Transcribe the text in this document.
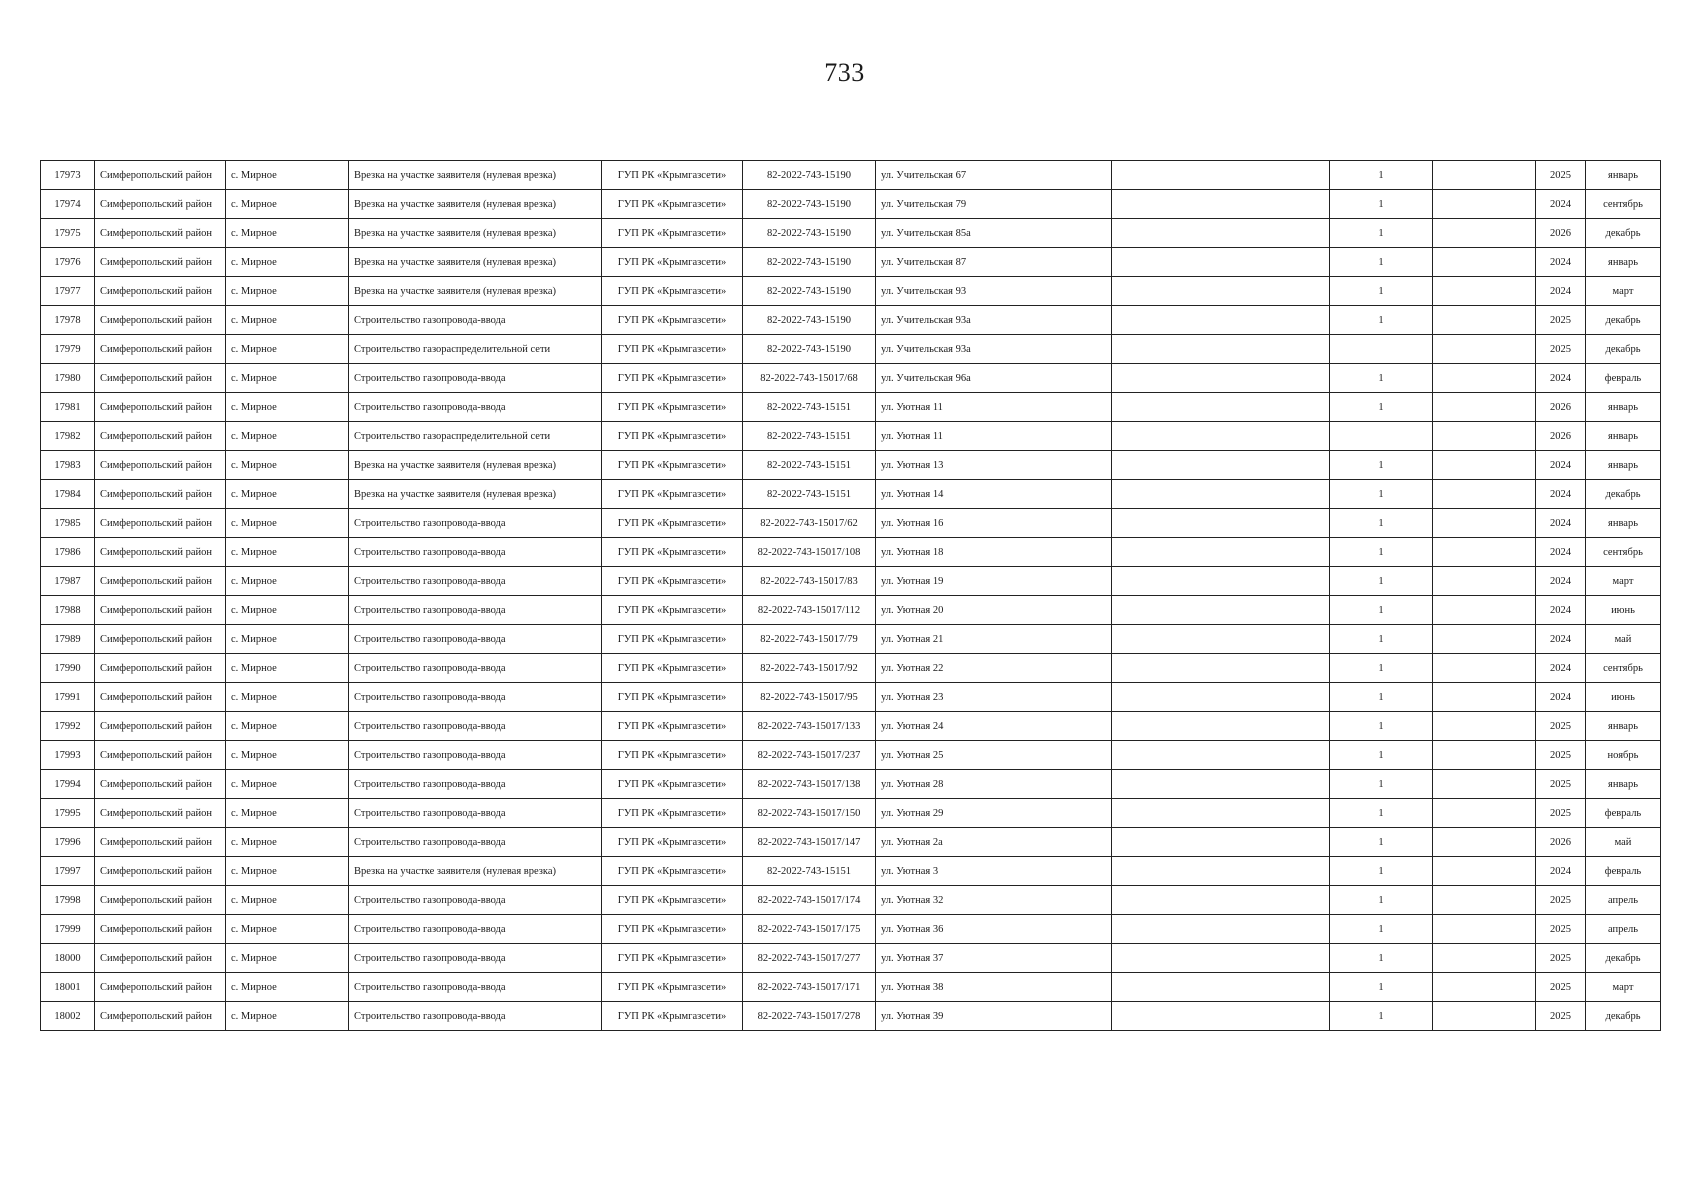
733
17973	Симферопольский район	с. Мирное	Врезка на участке заявителя (нулевая врезка)	ГУП РК «Крымгазсети»	82-2022-743-15190	ул. Учительская 67		1		2025	январь
17974	Симферопольский район	с. Мирное	Врезка на участке заявителя (нулевая врезка)	ГУП РК «Крымгазсети»	82-2022-743-15190	ул. Учительская 79		1		2024	сентябрь
17975	Симферопольский район	с. Мирное	Врезка на участке заявителя (нулевая врезка)	ГУП РК «Крымгазсети»	82-2022-743-15190	ул. Учительская 85а		1		2026	декабрь
17976	Симферопольский район	с. Мирное	Врезка на участке заявителя (нулевая врезка)	ГУП РК «Крымгазсети»	82-2022-743-15190	ул. Учительская 87		1		2024	январь
17977	Симферопольский район	с. Мирное	Врезка на участке заявителя (нулевая врезка)	ГУП РК «Крымгазсети»	82-2022-743-15190	ул. Учительская 93		1		2024	март
17978	Симферопольский район	с. Мирное	Строительство газопровода-ввода	ГУП РК «Крымгазсети»	82-2022-743-15190	ул. Учительская 93а		1		2025	декабрь
17979	Симферопольский район	с. Мирное	Строительство газораспределительной сети	ГУП РК «Крымгазсети»	82-2022-743-15190	ул. Учительская 93а				2025	декабрь
17980	Симферопольский район	с. Мирное	Строительство газопровода-ввода	ГУП РК «Крымгазсети»	82-2022-743-15017/68	ул. Учительская 96а		1		2024	февраль
17981	Симферопольский район	с. Мирное	Строительство газопровода-ввода	ГУП РК «Крымгазсети»	82-2022-743-15151	ул. Уютная 11		1		2026	январь
17982	Симферопольский район	с. Мирное	Строительство газораспределительной сети	ГУП РК «Крымгазсети»	82-2022-743-15151	ул. Уютная 11				2026	январь
17983	Симферопольский район	с. Мирное	Врезка на участке заявителя (нулевая врезка)	ГУП РК «Крымгазсети»	82-2022-743-15151	ул. Уютная 13		1		2024	январь
17984	Симферопольский район	с. Мирное	Врезка на участке заявителя (нулевая врезка)	ГУП РК «Крымгазсети»	82-2022-743-15151	ул. Уютная 14		1		2024	декабрь
17985	Симферопольский район	с. Мирное	Строительство газопровода-ввода	ГУП РК «Крымгазсети»	82-2022-743-15017/62	ул. Уютная 16		1		2024	январь
17986	Симферопольский район	с. Мирное	Строительство газопровода-ввода	ГУП РК «Крымгазсети»	82-2022-743-15017/108	ул. Уютная 18		1		2024	сентябрь
17987	Симферопольский район	с. Мирное	Строительство газопровода-ввода	ГУП РК «Крымгазсети»	82-2022-743-15017/83	ул. Уютная 19		1		2024	март
17988	Симферопольский район	с. Мирное	Строительство газопровода-ввода	ГУП РК «Крымгазсети»	82-2022-743-15017/112	ул. Уютная 20		1		2024	июнь
17989	Симферопольский район	с. Мирное	Строительство газопровода-ввода	ГУП РК «Крымгазсети»	82-2022-743-15017/79	ул. Уютная 21		1		2024	май
17990	Симферопольский район	с. Мирное	Строительство газопровода-ввода	ГУП РК «Крымгазсети»	82-2022-743-15017/92	ул. Уютная 22		1		2024	сентябрь
17991	Симферопольский район	с. Мирное	Строительство газопровода-ввода	ГУП РК «Крымгазсети»	82-2022-743-15017/95	ул. Уютная 23		1		2024	июнь
17992	Симферопольский район	с. Мирное	Строительство газопровода-ввода	ГУП РК «Крымгазсети»	82-2022-743-15017/133	ул. Уютная 24		1		2025	январь
17993	Симферопольский район	с. Мирное	Строительство газопровода-ввода	ГУП РК «Крымгазсети»	82-2022-743-15017/237	ул. Уютная 25		1		2025	ноябрь
17994	Симферопольский район	с. Мирное	Строительство газопровода-ввода	ГУП РК «Крымгазсети»	82-2022-743-15017/138	ул. Уютная 28		1		2025	январь
17995	Симферопольский район	с. Мирное	Строительство газопровода-ввода	ГУП РК «Крымгазсети»	82-2022-743-15017/150	ул. Уютная 29		1		2025	февраль
17996	Симферопольский район	с. Мирное	Строительство газопровода-ввода	ГУП РК «Крымгазсети»	82-2022-743-15017/147	ул. Уютная 2а		1		2026	май
17997	Симферопольский район	с. Мирное	Врезка на участке заявителя (нулевая врезка)	ГУП РК «Крымгазсети»	82-2022-743-15151	ул. Уютная 3		1		2024	февраль
17998	Симферопольский район	с. Мирное	Строительство газопровода-ввода	ГУП РК «Крымгазсети»	82-2022-743-15017/174	ул. Уютная 32		1		2025	апрель
17999	Симферопольский район	с. Мирное	Строительство газопровода-ввода	ГУП РК «Крымгазсети»	82-2022-743-15017/175	ул. Уютная 36		1		2025	апрель
18000	Симферопольский район	с. Мирное	Строительство газопровода-ввода	ГУП РК «Крымгазсети»	82-2022-743-15017/277	ул. Уютная 37		1		2025	декабрь
18001	Симферопольский район	с. Мирное	Строительство газопровода-ввода	ГУП РК «Крымгазсети»	82-2022-743-15017/171	ул. Уютная 38		1		2025	март
18002	Симферопольский район	с. Мирное	Строительство газопровода-ввода	ГУП РК «Крымгазсети»	82-2022-743-15017/278	ул. Уютная 39		1		2025	декабрь
